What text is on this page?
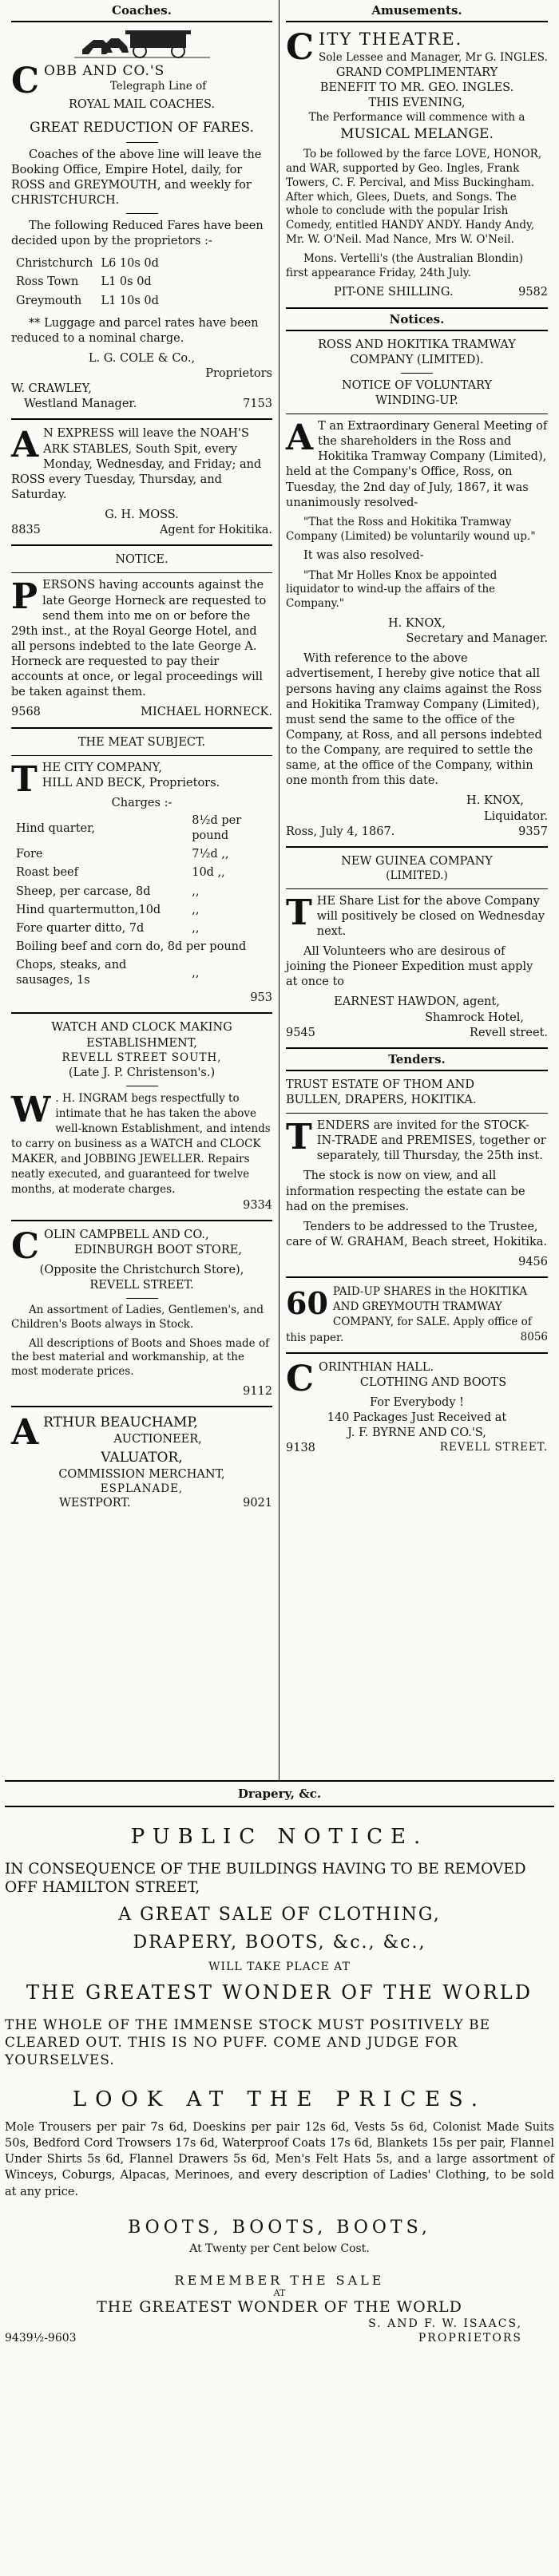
Coaches.
COBB AND CO.'S
Telegraph Line of
ROYAL MAIL COACHES.
GREAT REDUCTION OF FARES.
Coaches of the above line will leave the Booking Office, Empire Hotel, daily, for ROSS and GREYMOUTH, and weekly for CHRISTCHURCH.
The following Reduced Fares have been decided upon by the proprietors :-
Christchurch	L6 10s 0d
Ross Town	L1 0s 0d
Greymouth	L1 10s 0d
** Luggage and parcel rates have been reduced to a nominal charge.
L. G. COLE & Co.,
Proprietors
W. CRAWLEY,
Westland Manager.	7153
A N EXPRESS will leave the NOAH'S ARK STABLES, South Spit, every Monday, Wednesday, and Friday; and ROSS every Tuesday, Thursday, and Saturday.
G. H. MOSS.
8835	Agent for Hokitika.
NOTICE.
P ERSONS having accounts against the late George Horneck are requested to send them into me on or before the 29th inst., at the Royal George Hotel, and all persons indebted to the late George A. Horneck are requested to pay their accounts at once, or legal proceedings will be taken against them.
9568	MICHAEL HORNECK.
THE MEAT SUBJECT.
THE CITY COMPANY,
HILL AND BECK, Proprietors.
Charges :-
Hind quarter,	8½d per pound
Fore	7½d ,,
Roast beef	10d ,,
Sheep, per carcase, 8d	,,
Hind quartermutton,10d	,,
Fore quarter ditto, 7d	,,
Boiling beef and corn do, 8d per pound	
Chops, steaks, and sausages, 1s	,,
953
WATCH AND CLOCK MAKING
ESTABLISHMENT,
REVELL STREET SOUTH,
(Late J. P. Christenson's.)
W . H. INGRAM begs respectfully to intimate that he has taken the above well-known Establishment, and intends to carry on business as a WATCH and CLOCK MAKER, and JOBBING JEWELLER. Repairs neatly executed, and guaranteed for twelve months, at moderate charges.
9334
COLIN CAMPBELL AND CO.,
EDINBURGH BOOT STORE,
(Opposite the Christchurch Store),
REVELL STREET.
An assortment of Ladies, Gentlemen's, and Children's Boots always in Stock.
All descriptions of Boots and Shoes made of the best material and workmanship, at the most moderate prices.
9112
ARTHUR BEAUCHAMP,
AUCTIONEER,
VALUATOR,
COMMISSION MERCHANT,
ESPLANADE,
WESTPORT.	9021
Amusements.
CITY THEATRE.
Sole Lessee and Manager, Mr G. INGLES.
GRAND COMPLIMENTARY
BENEFIT TO MR. GEO. INGLES.
THIS EVENING,
The Performance will commence with a
MUSICAL MELANGE.
To be followed by the farce LOVE, HONOR, and WAR, supported by Geo. Ingles, Frank Towers, C. F. Percival, and Miss Buckingham. After which, Glees, Duets, and Songs. The whole to conclude with the popular Irish Comedy, entitled HANDY ANDY. Handy Andy, Mr. W. O'Neil. Mad Nance, Mrs W. O'Neil.
Mons. Vertelli's (the Australian Blondin) first appearance Friday, 24th July.
PIT-ONE SHILLING.	9582
Notices.
ROSS AND HOKITIKA TRAMWAY
COMPANY (LIMITED).
NOTICE OF VOLUNTARY
WINDING-UP.
A T an Extraordinary General Meeting of the shareholders in the Ross and Hokitika Tramway Company (Limited), held at the Company's Office, Ross, on Tuesday, the 2nd day of July, 1867, it was unanimously resolved-
"That the Ross and Hokitika Tramway Company (Limited) be voluntarily wound up."
It was also resolved-
"That Mr Holles Knox be appointed liquidator to wind-up the affairs of the Company."
H. KNOX,
Secretary and Manager.
With reference to the above advertisement, I hereby give notice that all persons having any claims against the Ross and Hokitika Tramway Company (Limited), must send the same to the office of the Company, at Ross, and all persons indebted to the Company, are required to settle the same, at the office of the Company, within one month from this date.
H. KNOX,
Liquidator.
Ross, July 4, 1867.	9357
NEW GUINEA COMPANY
(LIMITED.)
T HE Share List for the above Company will positively be closed on Wednesday next.
All Volunteers who are desirous of joining the Pioneer Expedition must apply at once to
EARNEST HAWDON, agent,
Shamrock Hotel,
9545	Revell street.
Tenders.
TRUST ESTATE OF THOM AND
BULLEN, DRAPERS, HOKITIKA.
T ENDERS are invited for the STOCK-IN-TRADE and PREMISES, together or separately, till Thursday, the 25th inst.
The stock is now on view, and all information respecting the estate can be had on the premises.
Tenders to be addressed to the Trustee, care of W. GRAHAM, Beach street, Hokitika.
9456
60 PAID-UP SHARES in the HOKITIKA AND GREYMOUTH TRAMWAY COMPANY, for SALE. Apply office of this paper.	8056
CORINTHIAN HALL.
CLOTHING AND BOOTS
For Everybody !
140 Packages Just Received at
J. F. BYRNE AND CO.'S,
9138	REVELL STREET.
Drapery, &c.
PUBLIC NOTICE.
IN CONSEQUENCE OF THE BUILDINGS HAVING TO BE REMOVED OFF HAMILTON STREET,
A GREAT SALE OF CLOTHING,
DRAPERY, BOOTS, &c., &c.,
WILL TAKE PLACE AT
THE GREATEST WONDER OF THE WORLD
THE WHOLE OF THE IMMENSE STOCK MUST POSITIVELY BE CLEARED OUT. THIS IS NO PUFF. COME AND JUDGE FOR YOURSELVES.
LOOK AT THE PRICES.
Mole Trousers per pair 7s 6d, Doeskins per pair 12s 6d, Vests 5s 6d, Colonist Made Suits 50s, Bedford Cord Trowsers 17s 6d, Waterproof Coats 17s 6d, Blankets 15s per pair, Flannel Under Shirts 5s 6d, Flannel Drawers 5s 6d, Men's Felt Hats 5s, and a large assortment of Winceys, Coburgs, Alpacas, Merinoes, and every description of Ladies' Clothing, to be sold at any price.
BOOTS, BOOTS, BOOTS,
At Twenty per Cent below Cost.
REMEMBER THE SALE
AT
THE GREATEST WONDER OF THE WORLD
S. AND F. W. ISAACS,
9439½-9603	PROPRIETORS
